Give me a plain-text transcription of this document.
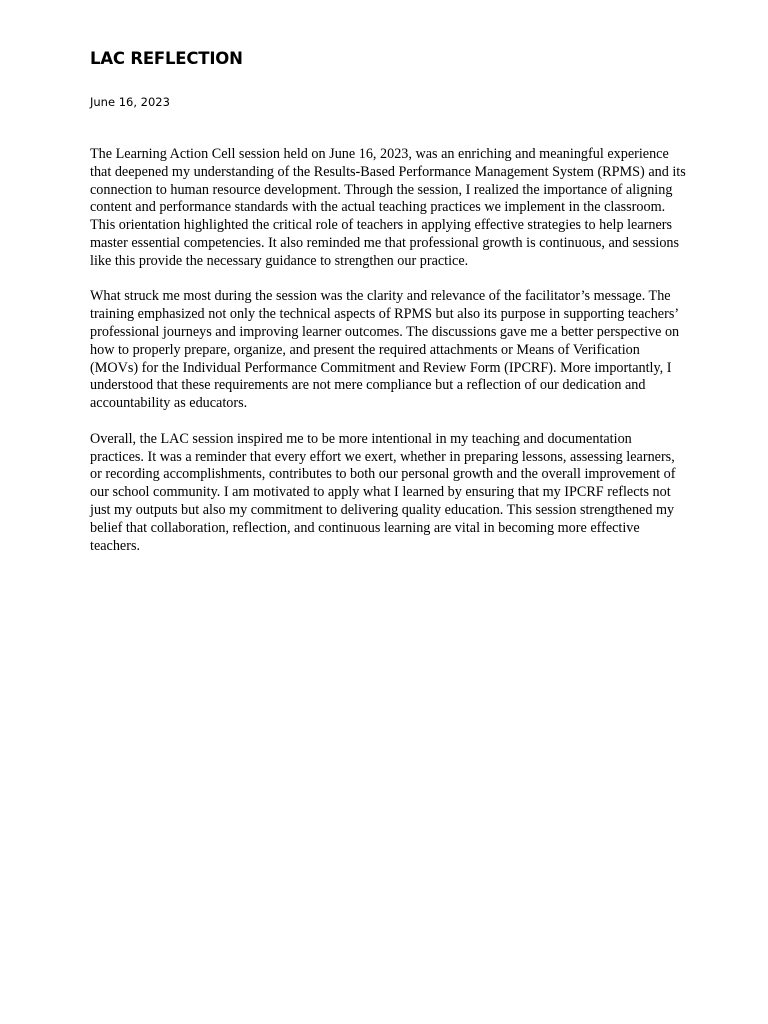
LAC REFLECTION
June 16, 2023

The Learning Action Cell session held on June 16, 2023, was an enriching and meaningful experience that deepened my understanding of the Results-Based Performance Management System (RPMS) and its connection to human resource development. Through the session, I realized the importance of aligning content and performance standards with the actual teaching practices we implement in the classroom. This orientation highlighted the critical role of teachers in applying effective strategies to help learners master essential competencies. It also reminded me that professional growth is continuous, and sessions like this provide the necessary guidance to strengthen our practice.

What struck me most during the session was the clarity and relevance of the facilitator’s message. The training emphasized not only the technical aspects of RPMS but also its purpose in supporting teachers’ professional journeys and improving learner outcomes. The discussions gave me a better perspective on how to properly prepare, organize, and present the required attachments or Means of Verification (MOVs) for the Individual Performance Commitment and Review Form (IPCRF). More importantly, I understood that these requirements are not mere compliance but a reflection of our dedication and accountability as educators.

Overall, the LAC session inspired me to be more intentional in my teaching and documentation practices. It was a reminder that every effort we exert, whether in preparing lessons, assessing learners, or recording accomplishments, contributes to both our personal growth and the overall improvement of our school community. I am motivated to apply what I learned by ensuring that my IPCRF reflects not just my outputs but also my commitment to delivering quality education. This session strengthened my belief that collaboration, reflection, and continuous learning are vital in becoming more effective teachers.
